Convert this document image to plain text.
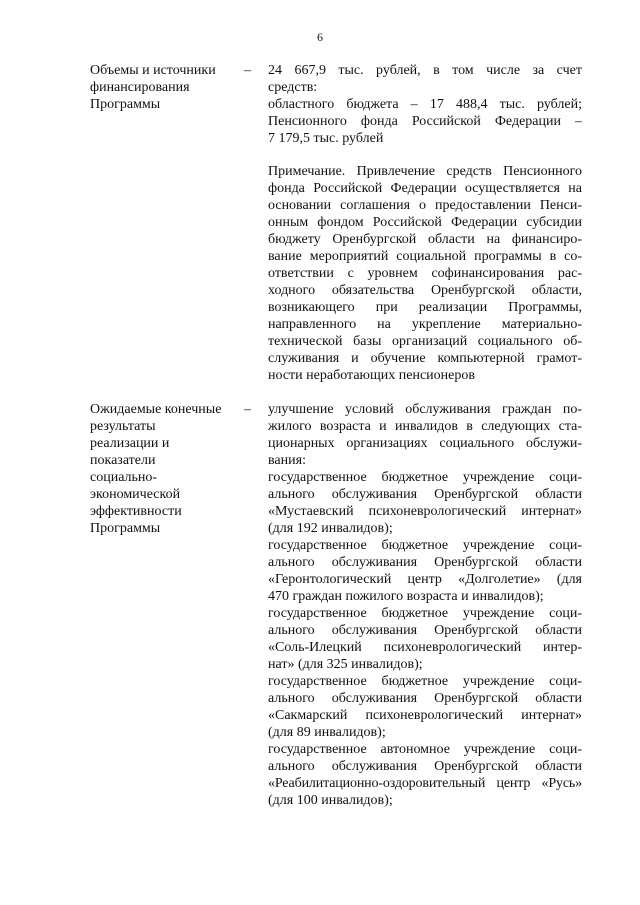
6
Объемы и источники
финансирования
Программы
– 24 667,9 тыс. рублей, в том числе за счет
средств:
областного бюджета – 17 488,4 тыс. рублей;
Пенсионного фонда Российской Федерации –
7 179,5 тыс. рублей
Примечание. Привлечение средств Пенсионного
фонда Российской Федерации осуществляется на
основании соглашения о предоставлении Пенси-
онным фондом Российской Федерации субсидии
бюджету Оренбургской области на финансиро-
вание мероприятий социальной программы в со-
ответствии с уровнем софинансирования рас-
ходного обязательства Оренбургской области,
возникающего при реализации Программы,
направленного на укрепление материально-
технической базы организаций социального об-
служивания и обучение компьютерной грамот-
ности неработающих пенсионеров
Ожидаемые конечные
результаты
реализации и
показатели
социально-
экономической
эффективности
Программы
– улучшение условий обслуживания граждан по-
жилого возраста и инвалидов в следующих ста-
ционарных организациях социального обслужи-
вания:
государственное бюджетное учреждение соци-
ального обслуживания Оренбургской области
«Мустаевский психоневрологический интернат»
(для 192 инвалидов);
государственное бюджетное учреждение соци-
ального обслуживания Оренбургской области
«Геронтологический центр «Долголетие» (для
470 граждан пожилого возраста и инвалидов);
государственное бюджетное учреждение соци-
ального обслуживания Оренбургской области
«Соль-Илецкий психоневрологический интер-
нат» (для 325 инвалидов);
государственное бюджетное учреждение соци-
ального обслуживания Оренбургской области
«Сакмарский психоневрологический интернат»
(для 89 инвалидов);
государственное автономное учреждение соци-
ального обслуживания Оренбургской области
«Реабилитационно-оздоровительный центр «Русь»
(для 100 инвалидов);
